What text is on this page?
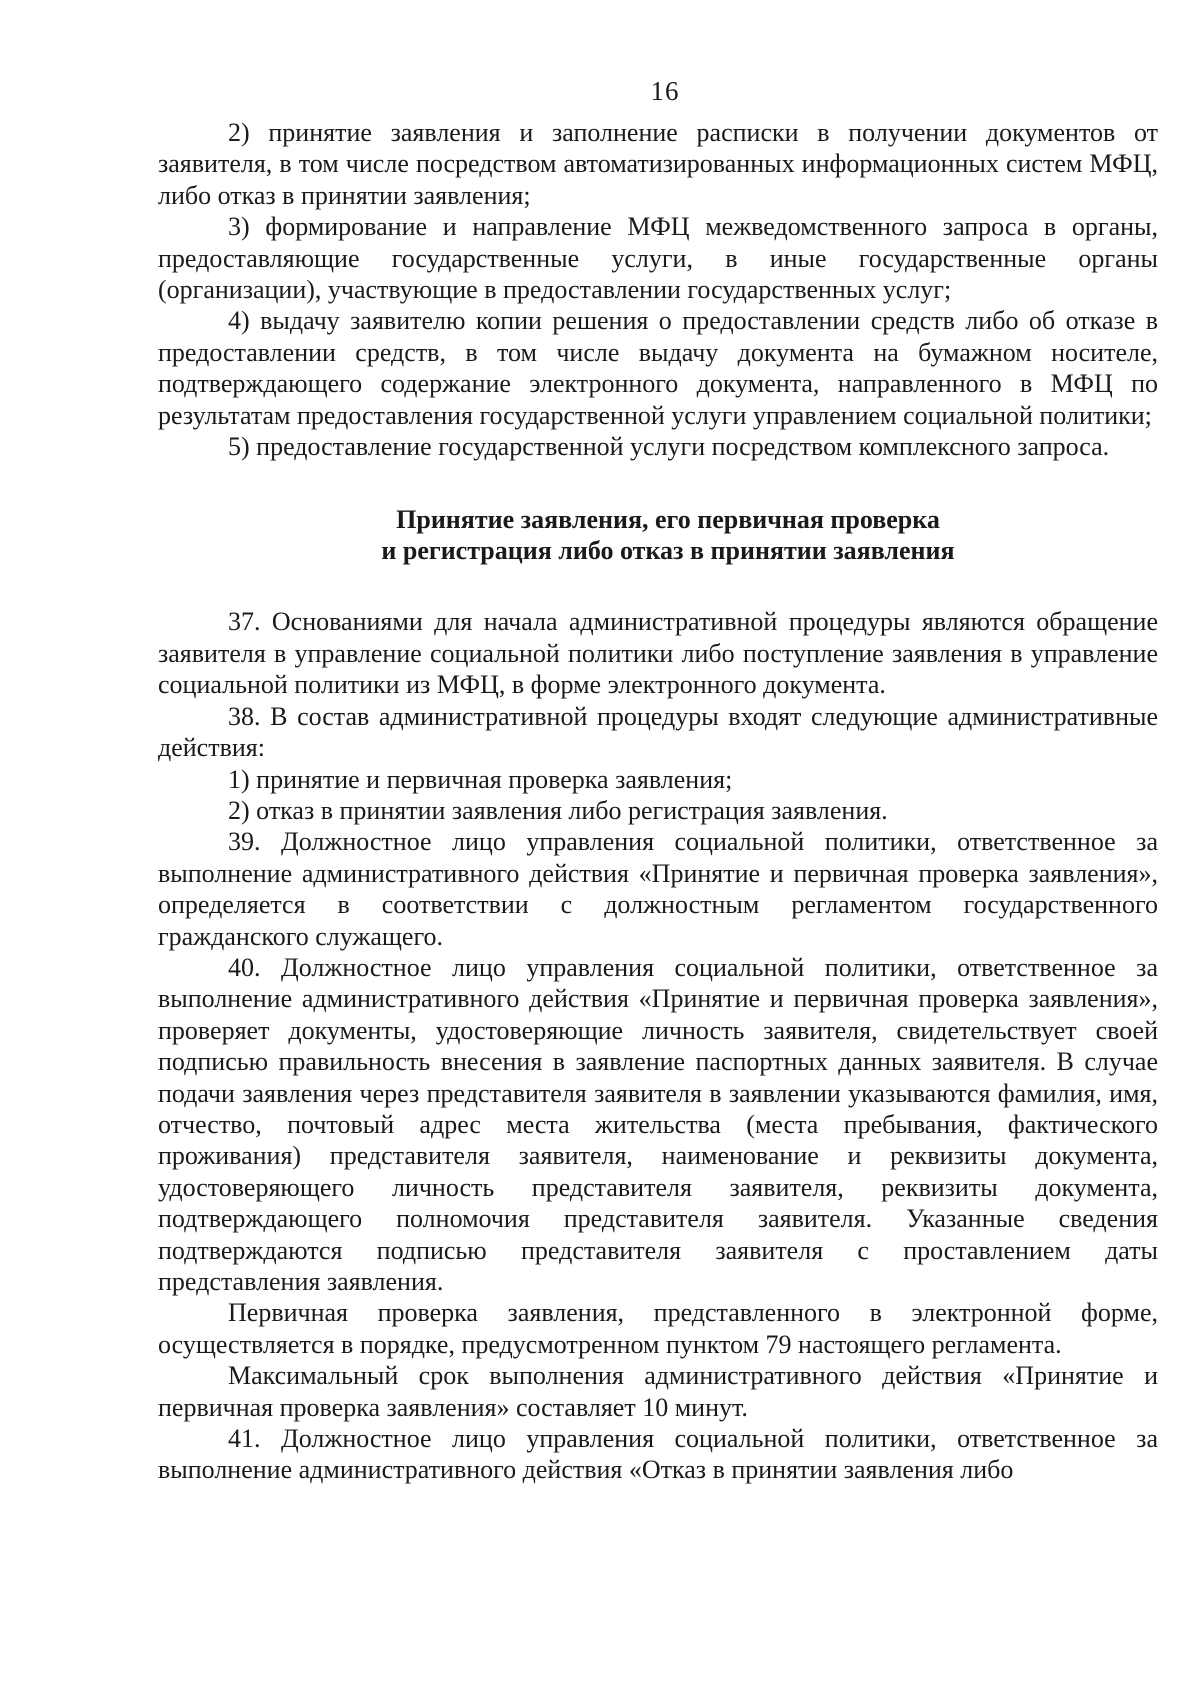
16

2) принятие заявления и заполнение расписки в получении документов от заявителя, в том числе посредством автоматизированных информационных систем МФЦ, либо отказ в принятии заявления;

3) формирование и направление МФЦ межведомственного запроса в органы, предоставляющие государственные услуги, в иные государственные органы (организации), участвующие в предоставлении государственных услуг;

4) выдачу заявителю копии решения о предоставлении средств либо об отказе в предоставлении средств, в том числе выдачу документа на бумажном носителе, подтверждающего содержание электронного документа, направленного в МФЦ по результатам предоставления государственной услуги управлением социальной политики;

5) предоставление государственной услуги посредством комплексного запроса.

Принятие заявления, его первичная проверка
и регистрация либо отказ в принятии заявления

37. Основаниями для начала административной процедуры являются обращение заявителя в управление социальной политики либо поступление заявления в управление социальной политики из МФЦ, в форме электронного документа.

38. В состав административной процедуры входят следующие административные действия:

1) принятие и первичная проверка заявления;

2) отказ в принятии заявления либо регистрация заявления.

39. Должностное лицо управления социальной политики, ответственное за выполнение административного действия «Принятие и первичная проверка заявления», определяется в соответствии с должностным регламентом государственного гражданского служащего.

40. Должностное лицо управления социальной политики, ответственное за выполнение административного действия «Принятие и первичная проверка заявления», проверяет документы, удостоверяющие личность заявителя, свидетельствует своей подписью правильность внесения в заявление паспортных данных заявителя. В случае подачи заявления через представителя заявителя в заявлении указываются фамилия, имя, отчество, почтовый адрес места жительства (места пребывания, фактического проживания) представителя заявителя, наименование и реквизиты документа, удостоверяющего личность представителя заявителя, реквизиты документа, подтверждающего полномочия представителя заявителя. Указанные сведения подтверждаются подписью представителя заявителя с проставлением даты представления заявления.

Первичная проверка заявления, представленного в электронной форме, осуществляется в порядке, предусмотренном пунктом 79 настоящего регламента.

Максимальный срок выполнения административного действия «Принятие и первичная проверка заявления» составляет 10 минут.

41. Должностное лицо управления социальной политики, ответственное за выполнение административного действия «Отказ в принятии заявления либо
